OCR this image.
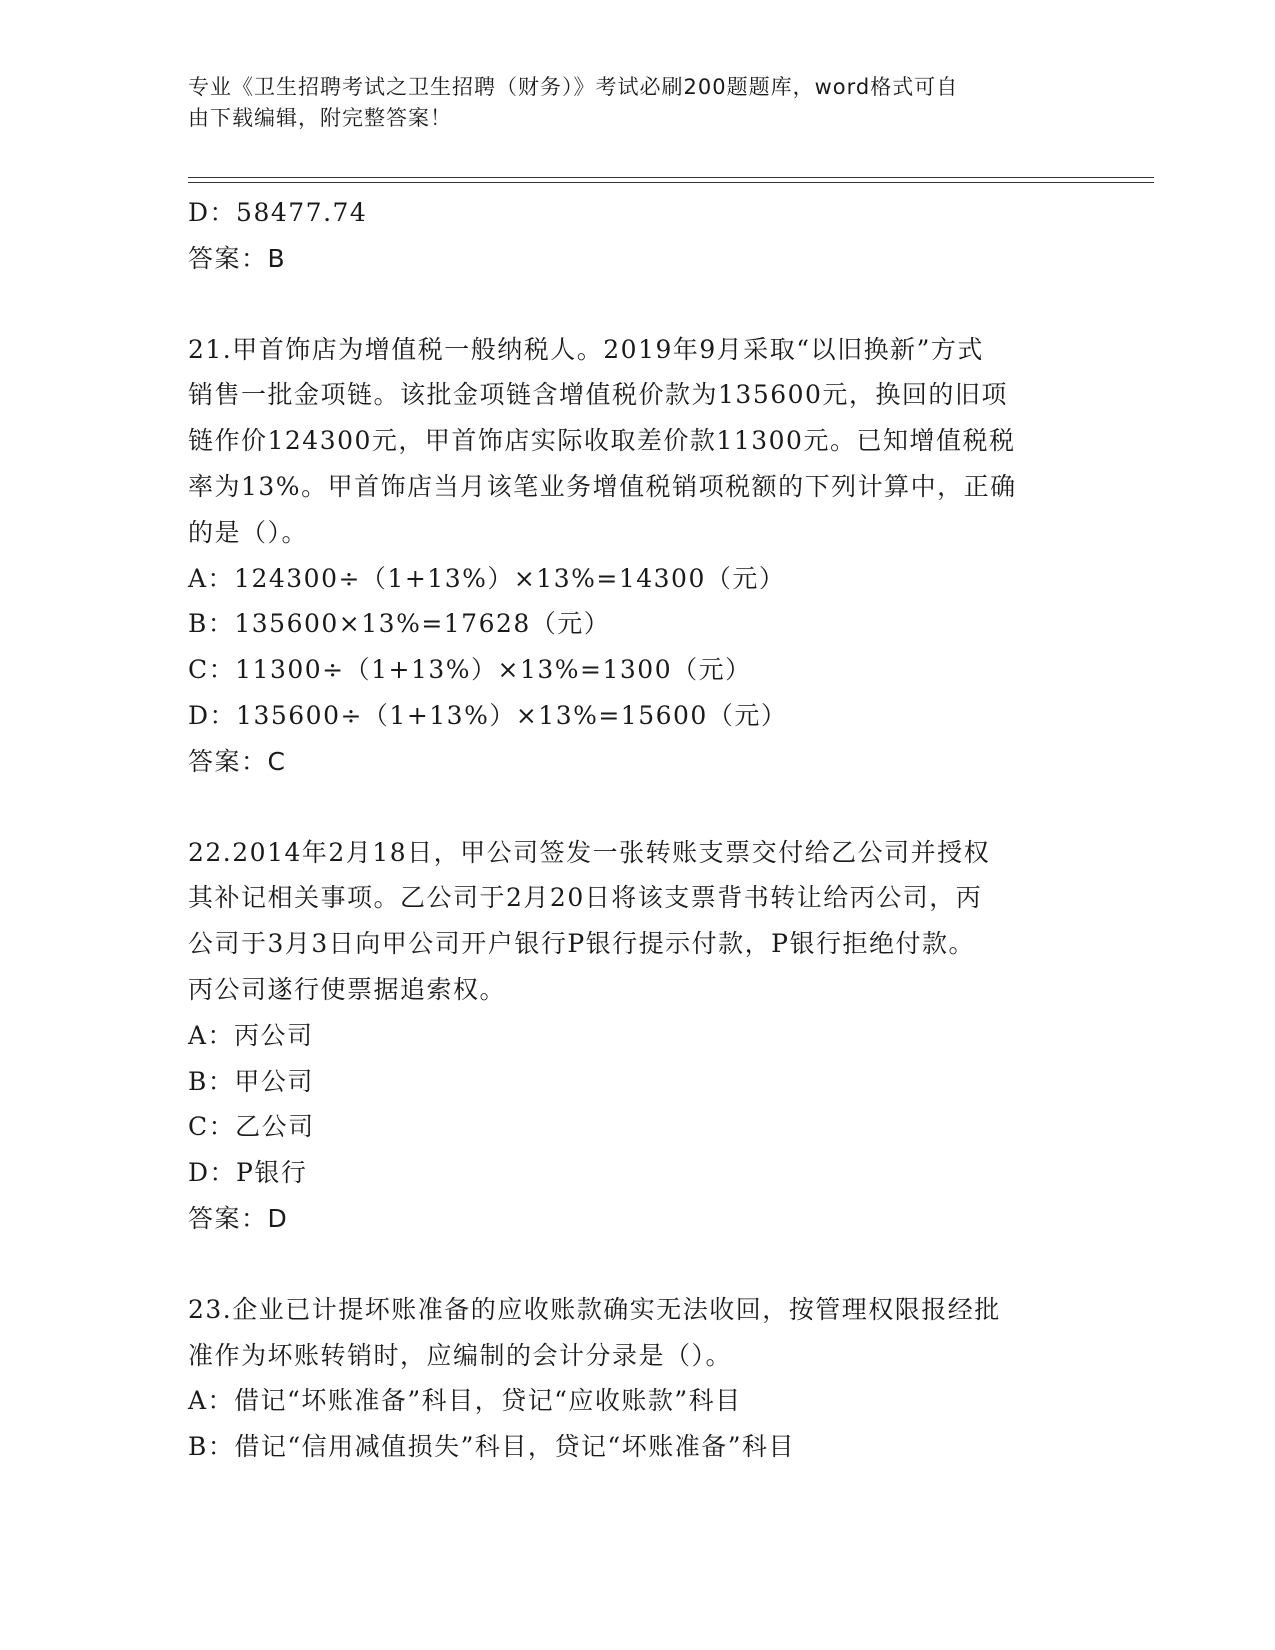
专业《卫生招聘考试之卫生招聘（财务）》考试必刷200题题库，word格式可自
由下载编辑，附完整答案！
D：58477.74
答案：B
21.甲首饰店为增值税一般纳税人。2019年9月采取“以旧换新”方式
销售一批金项链。该批金项链含增值税价款为135600元，换回的旧项
链作价124300元，甲首饰店实际收取差价款11300元。已知增值税税
率为13%。甲首饰店当月该笔业务增值税销项税额的下列计算中，正确
的是（）。
A：124300÷（1+13%）×13%=14300（元）
B：135600×13%=17628（元）
C：11300÷（1+13%）×13%=1300（元）
D：135600÷（1+13%）×13%=15600（元）
答案：C
22.2014年2月18日，甲公司签发一张转账支票交付给乙公司并授权
其补记相关事项。乙公司于2月20日将该支票背书转让给丙公司，丙
公司于3月3日向甲公司开户银行P银行提示付款，P银行拒绝付款。
丙公司遂行使票据追索权。
A：丙公司
B：甲公司
C：乙公司
D：P银行
答案：D
23.企业已计提坏账准备的应收账款确实无法收回，按管理权限报经批
准作为坏账转销时，应编制的会计分录是（）。
A：借记“坏账准备”科目，贷记“应收账款”科目
B：借记“信用减值损失”科目，贷记“坏账准备”科目
